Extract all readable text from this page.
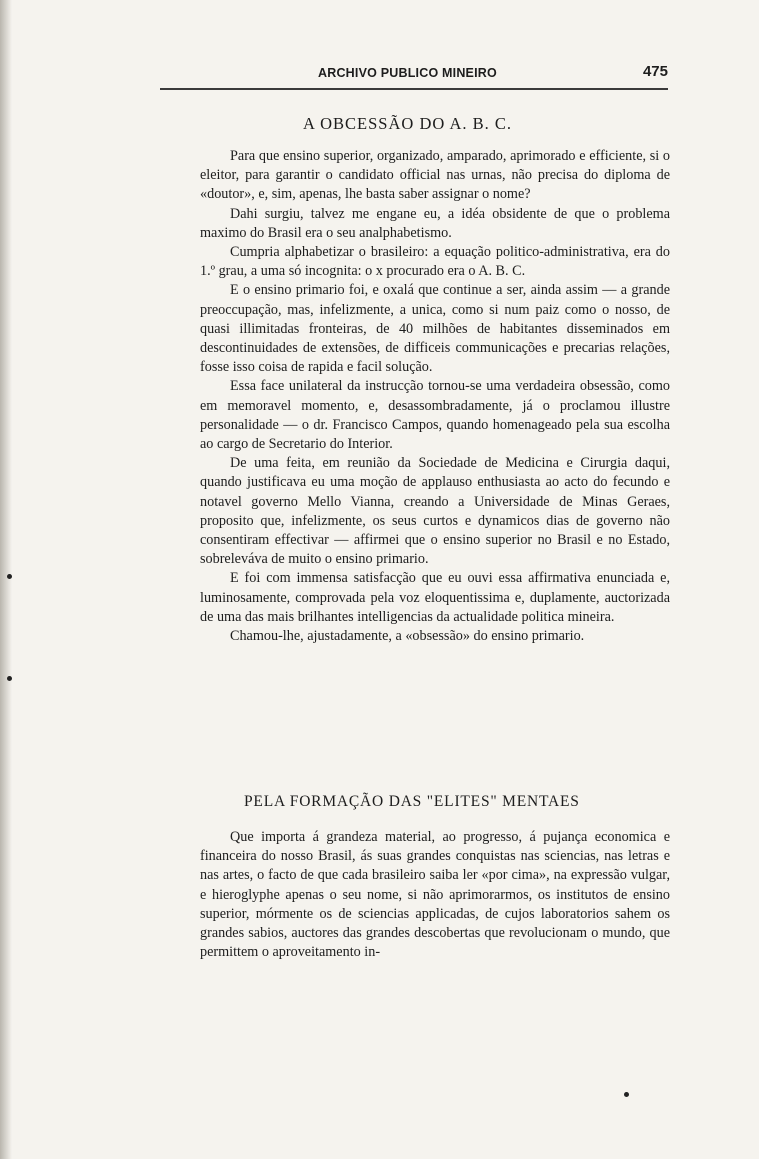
ARCHIVO PUBLICO MINEIRO	475
A OBCESSÃO DO A. B. C.

Para que ensino superior, organizado, amparado, aprimorado e efficiente, si o eleitor, para garantir o candidato official nas urnas, não precisa do diploma de «doutor», e, sim, apenas, lhe basta saber assignar o nome?

Dahi surgiu, talvez me engane eu, a idéa obsidente de que o problema maximo do Brasil era o seu analphabetismo.

Cumpria alphabetizar o brasileiro: a equação politico-administrativa, era do 1.º grau, a uma só incognita: o x procurado era o A. B. C.

E o ensino primario foi, e oxalá que continue a ser, ainda assim — a grande preoccupação, mas, infelizmente, a unica, como si num paiz como o nosso, de quasi illimitadas fronteiras, de 40 milhões de habitantes disseminados em descontinuidades de extensões, de difficeis communicações e precarias relações, fosse isso coisa de rapida e facil solução.

Essa face unilateral da instrucção tornou-se uma verdadeira obsessão, como em memoravel momento, e, desassombradamente, já o proclamou illustre personalidade — o dr. Francisco Campos, quando homenageado pela sua escolha ao cargo de Secretario do Interior.

De uma feita, em reunião da Sociedade de Medicina e Cirurgia daqui, quando justificava eu uma moção de applauso enthusiasta ao acto do fecundo e notavel governo Mello Vianna, creando a Universidade de Minas Geraes, proposito que, infelizmente, os seus curtos e dynamicos dias de governo não consentiram effectivar — affirmei que o ensino superior no Brasil e no Estado, sobreleváva de muito o ensino primario.

E foi com immensa satisfacção que eu ouvi essa affirmativa enunciada e, luminosamente, comprovada pela voz eloquentissima e, duplamente, auctorizada de uma das mais brilhantes intelligencias da actualidade politica mineira.

Chamou-lhe, ajustadamente, a «obsessão» do ensino primario.

PELA FORMAÇÃO DAS "ELITES" MENTAES

Que importa á grandeza material, ao progresso, á pujança economica e financeira do nosso Brasil, ás suas grandes conquistas nas sciencias, nas letras e nas artes, o facto de que cada brasileiro saiba ler «por cima», na expressão vulgar, e hieroglyphe apenas o seu nome, si não aprimorarmos, os institutos de ensino superior, mórmente os de sciencias applicadas, de cujos laboratorios sahem os grandes sabios, auctores das grandes descobertas que revolucionam o mundo, que permittem o aproveitamento in-
